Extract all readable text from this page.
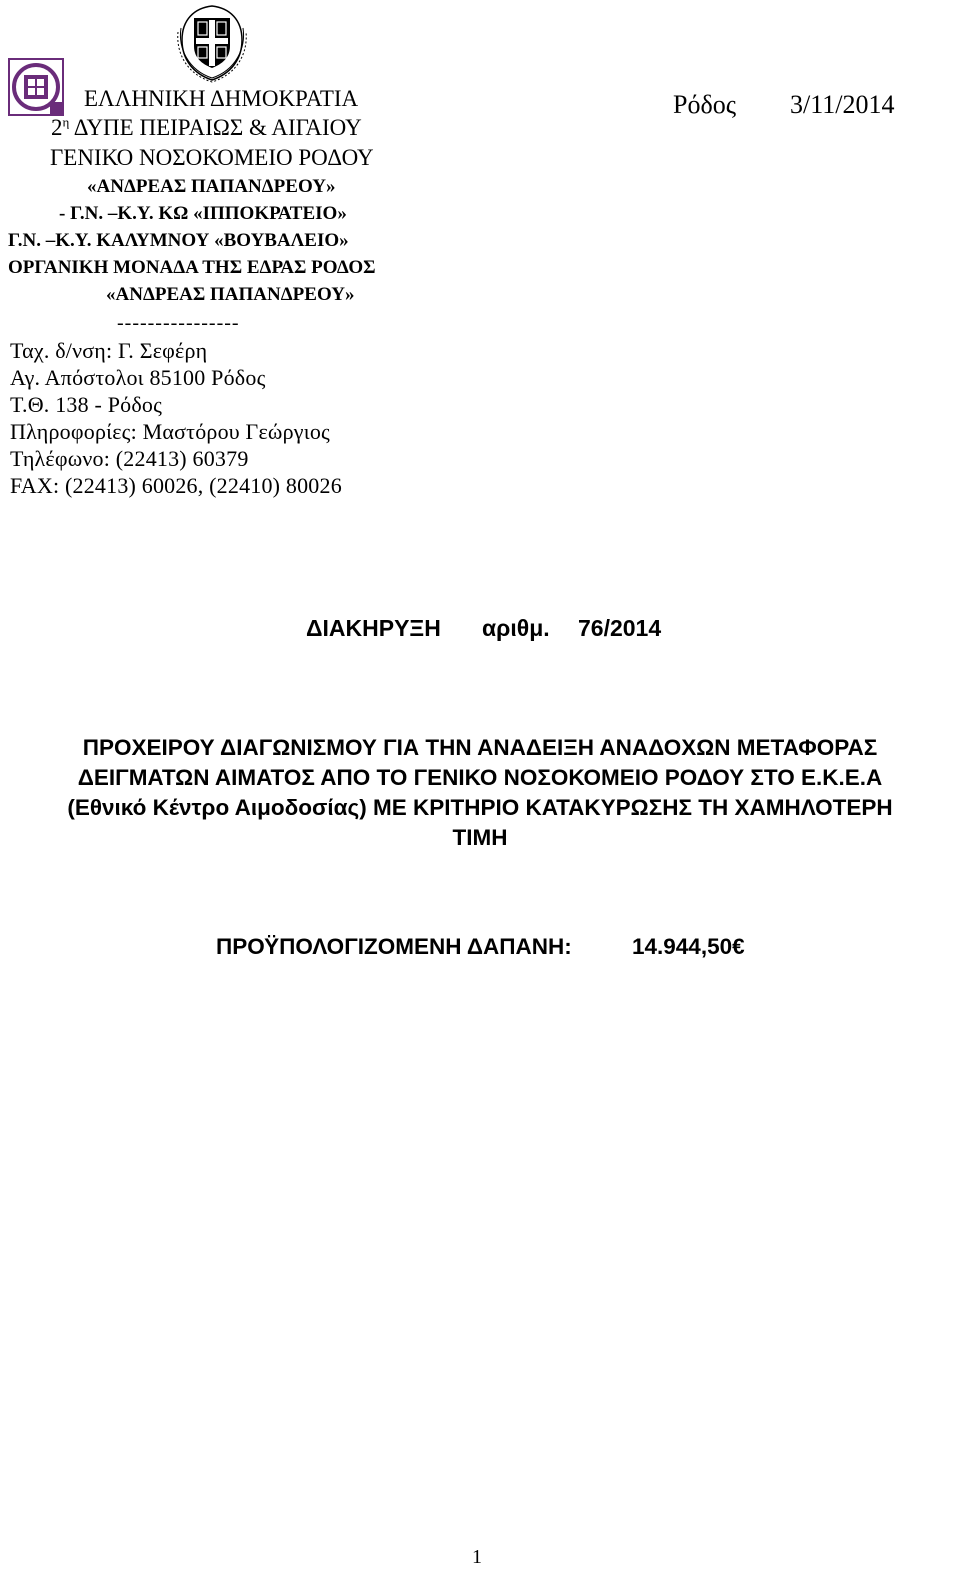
ΕΛΛΗΝΙΚΗ ΔΗΜΟΚΡΑΤΙΑ
$2^\eta$ ΔΥΠΕ ΠΕΙΡΑΙΩΣ & ΑΙΓΑΙΟΥ
ΓΕΝΙΚΟ ΝΟΣΟΚΟΜΕΙΟ ΡΟΔΟΥ
«ΑΝΔΡΕΑΣ ΠΑΠΑΝΔΡΕΟΥ»
- Γ.Ν. –Κ.Υ. ΚΩ «ΙΠΠΟΚΡΑΤΕΙΟ»
Γ.Ν. –Κ.Υ. ΚΑΛΥΜΝΟΥ «ΒΟΥΒΑΛΕΙΟ»
ΟΡΓΑΝΙΚΗ ΜΟΝΑΔΑ ΤΗΣ ΕΔΡΑΣ ΡΟΔΟΣ
«ΑΝΔΡΕΑΣ ΠΑΠΑΝΔΡΕΟΥ»
----------------
Ταχ. δ/νση: Γ. Σεφέρη
Αγ. Απόστολοι 85100 Ρόδος
Τ.Θ. 138 - Ρόδος
Πληροφορίες: Μαστόρου Γεώργιος
Τηλέφωνο: (22413) 60379
FAX: (22413) 60026, (22410) 80026
Ρόδος 3/11/2014
ΔΙΑΚΗΡΥΞΗ αριθμ. 76/2014
ΠΡΟΧΕΙΡΟΥ ΔΙΑΓΩΝΙΣΜΟΥ ΓΙΑ ΤΗΝ ΑΝΑΔΕΙΞΗ ΑΝΑΔΟΧΩΝ ΜΕΤΑΦΟΡΑΣ
ΔΕΙΓΜΑΤΩΝ ΑΙΜΑΤΟΣ ΑΠΟ ΤΟ ΓΕΝΙΚΟ ΝΟΣΟΚΟΜΕΙΟ ΡΟΔΟΥ ΣΤΟ Ε.Κ.Ε.Α
(Εθνικό Κέντρο Αιμοδοσίας) ΜΕ ΚΡΙΤΗΡΙΟ ΚΑΤΑΚΥΡΩΣΗΣ ΤΗ ΧΑΜΗΛΟΤΕΡΗ
ΤΙΜΗ
ΠΡΟΫΠΟΛΟΓΙΖΟΜΕΝΗ ΔΑΠΑΝΗ:	14.944,50€
1
